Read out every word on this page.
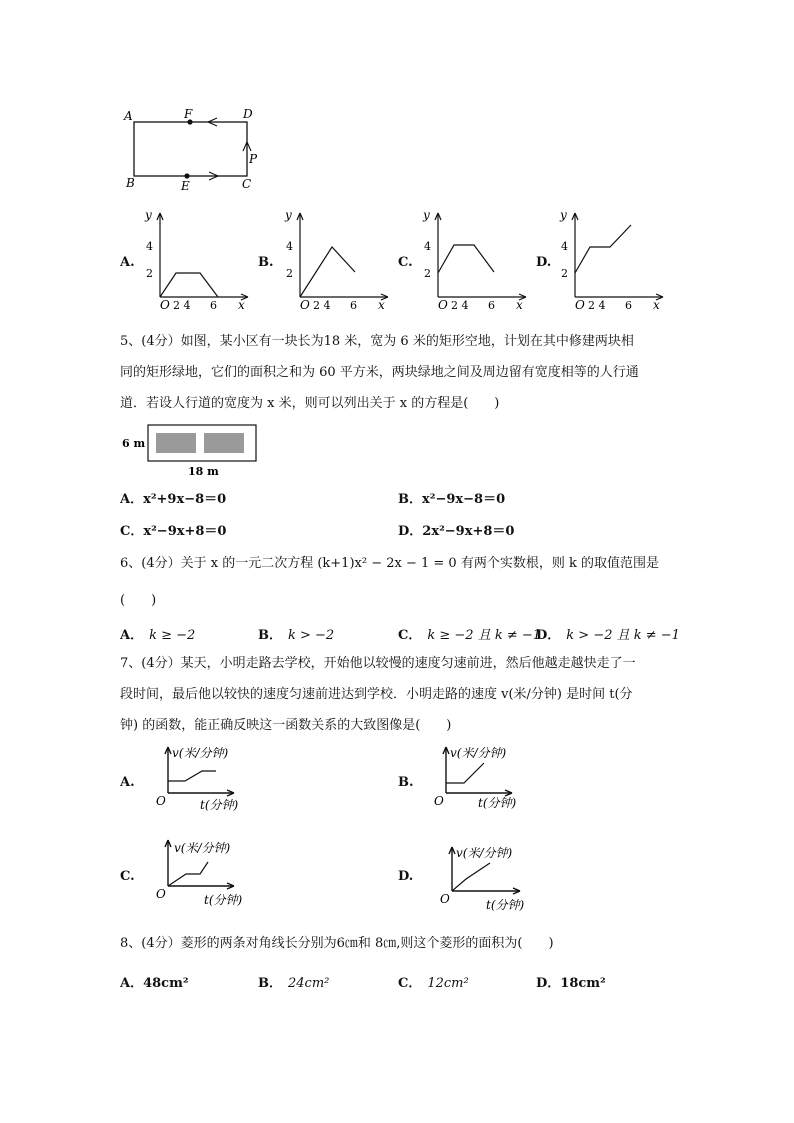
A	F	D
P
B	E	C
A.
y
4
2
O 2 4 6 x
B.
y
4
2
O 2 4 6 x
C.
y
4
2
O 2 4 6 x
D.
y
4
2
O 2 4 6 x
5、(4分）如图，某小区有一块长为18 米，宽为 6 米的矩形空地，计划在其中修建两块相
同的矩形绿地，它们的面积之和为 60 平方米，两块绿地之间及周边留有宽度相等的人行通
道．若设人行道的宽度为 x 米，则可以列出关于 x 的方程是(　　)
6 m
18 m
A．x²+9x−8＝0	B．x²−9x−8＝0
C．x²−9x+8＝0	D．2x²−9x+8＝0
6、(4分）关于 x 的一元二次方程 (k+1)x² − 2x − 1 = 0 有两个实数根，则 k 的取值范围是
(　　)
A． k ≥ −2	B． k > −2	C． k ≥ −2 且 k ≠ −1
D． k > −2 且 k ≠ −1
7、(4分）某天，小明走路去学校，开始他以较慢的速度匀速前进，然后他越走越快走了一
段时间，最后他以较快的速度匀速前进达到学校．小明走路的速度 v(米/分钟) 是时间 t(分
钟) 的函数，能正确反映这一函数关系的大致图像是(　　)
A.
v(米/分钟)
O	t(分钟)
B.
v(米/分钟)
O	t(分钟)
C.
v(米/分钟)
O	t(分钟)
D.
v(米/分钟)
O	t(分钟)
8、(4分）菱形的两条对角线长分别为6㎝和 8㎝,则这个菱形的面积为(　　)
A．48cm²	B． 24cm²	C． 12cm²	D．18cm²
